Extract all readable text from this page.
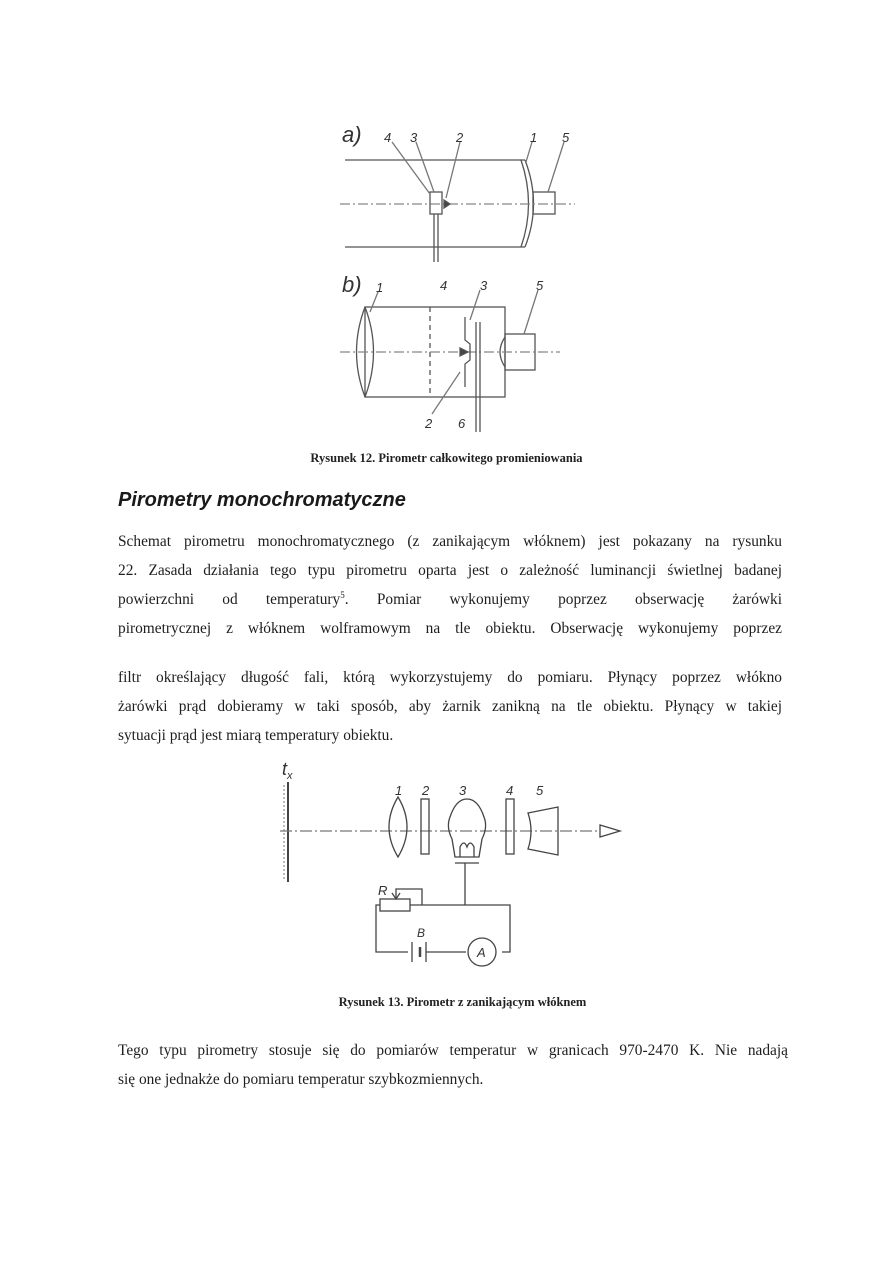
a) 4 3	2	1 5
b) 1	4	3	5
2 6
Rysunek 12. Pirometr całkowitego promieniowania
Pirometry monochromatyczne
Schemat pirometru monochromatycznego (z zanikającym włóknem) jest pokazany na rysunku
22. Zasada działania tego typu pirometru oparta jest o zależność luminancji świetlnej badanej
powierzchni od temperatury$^5$. Pomiar wykonujemy poprzez obserwację żarówki
pirometrycznej z włóknem wolframowym na tle obiektu. Obserwację wykonujemy poprzez
filtr określający długość fali, którą wykorzystujemy do pomiaru. Płynący poprzez włókno
żarówki prąd dobieramy w taki sposób, aby żarnik zanikną na tle obiektu. Płynący w takiej
sytuacji prąd jest miarą temperatury obiektu.
$t_x$
1 2 3	4 5
R
B
A
Rysunek 13. Pirometr z zanikającym włóknem
Tego typu pirometry stosuje się do pomiarów temperatur w granicach 970-2470 K. Nie nadają
się one jednakże do pomiaru temperatur szybkozmiennych.
